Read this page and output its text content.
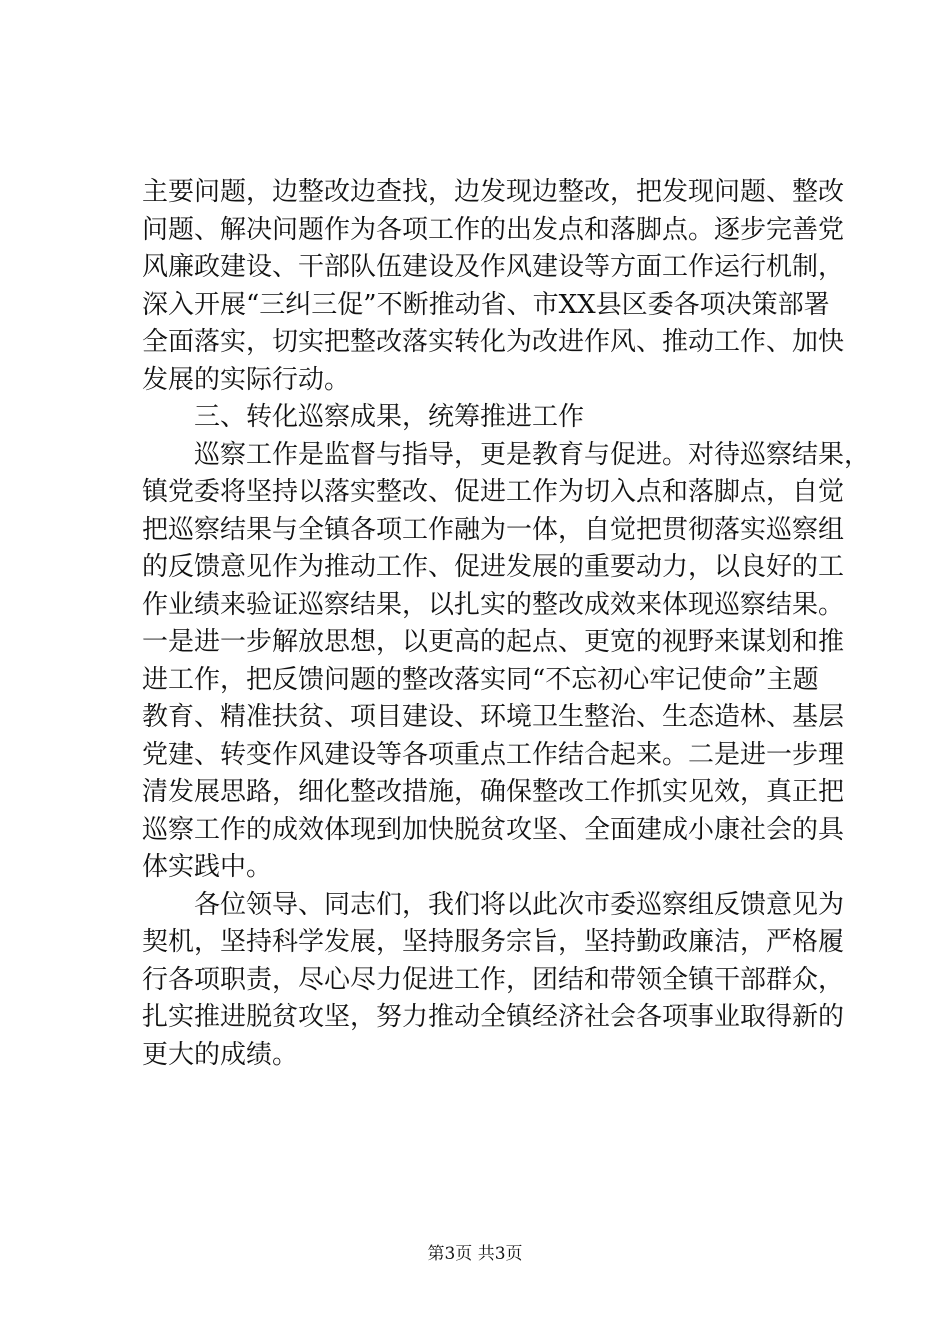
主要问题，边整改边查找，边发现边整改，把发现问题、整改
问题、解决问题作为各项工作的出发点和落脚点。逐步完善党
风廉政建设、干部队伍建设及作风建设等方面工作运行机制，
深入开展“三纠三促”不断推动省、市XX县区委各项决策部署
全面落实，切实把整改落实转化为改进作风、推动工作、加快
发展的实际行动。
　　三、转化巡察成果，统筹推进工作
　　巡察工作是监督与指导，更是教育与促进。对待巡察结果，
镇党委将坚持以落实整改、促进工作为切入点和落脚点，自觉
把巡察结果与全镇各项工作融为一体，自觉把贯彻落实巡察组
的反馈意见作为推动工作、促进发展的重要动力，以良好的工
作业绩来验证巡察结果，以扎实的整改成效来体现巡察结果。
一是进一步解放思想，以更高的起点、更宽的视野来谋划和推
进工作，把反馈问题的整改落实同“不忘初心牢记使命”主题
教育、精准扶贫、项目建设、环境卫生整治、生态造林、基层
党建、转变作风建设等各项重点工作结合起来。二是进一步理
清发展思路，细化整改措施，确保整改工作抓实见效，真正把
巡察工作的成效体现到加快脱贫攻坚、全面建成小康社会的具
体实践中。
　　各位领导、同志们，我们将以此次市委巡察组反馈意见为
契机，坚持科学发展，坚持服务宗旨，坚持勤政廉洁，严格履
行各项职责，尽心尽力促进工作，团结和带领全镇干部群众，
扎实推进脱贫攻坚，努力推动全镇经济社会各项事业取得新的
更大的成绩。
第3页 共3页
